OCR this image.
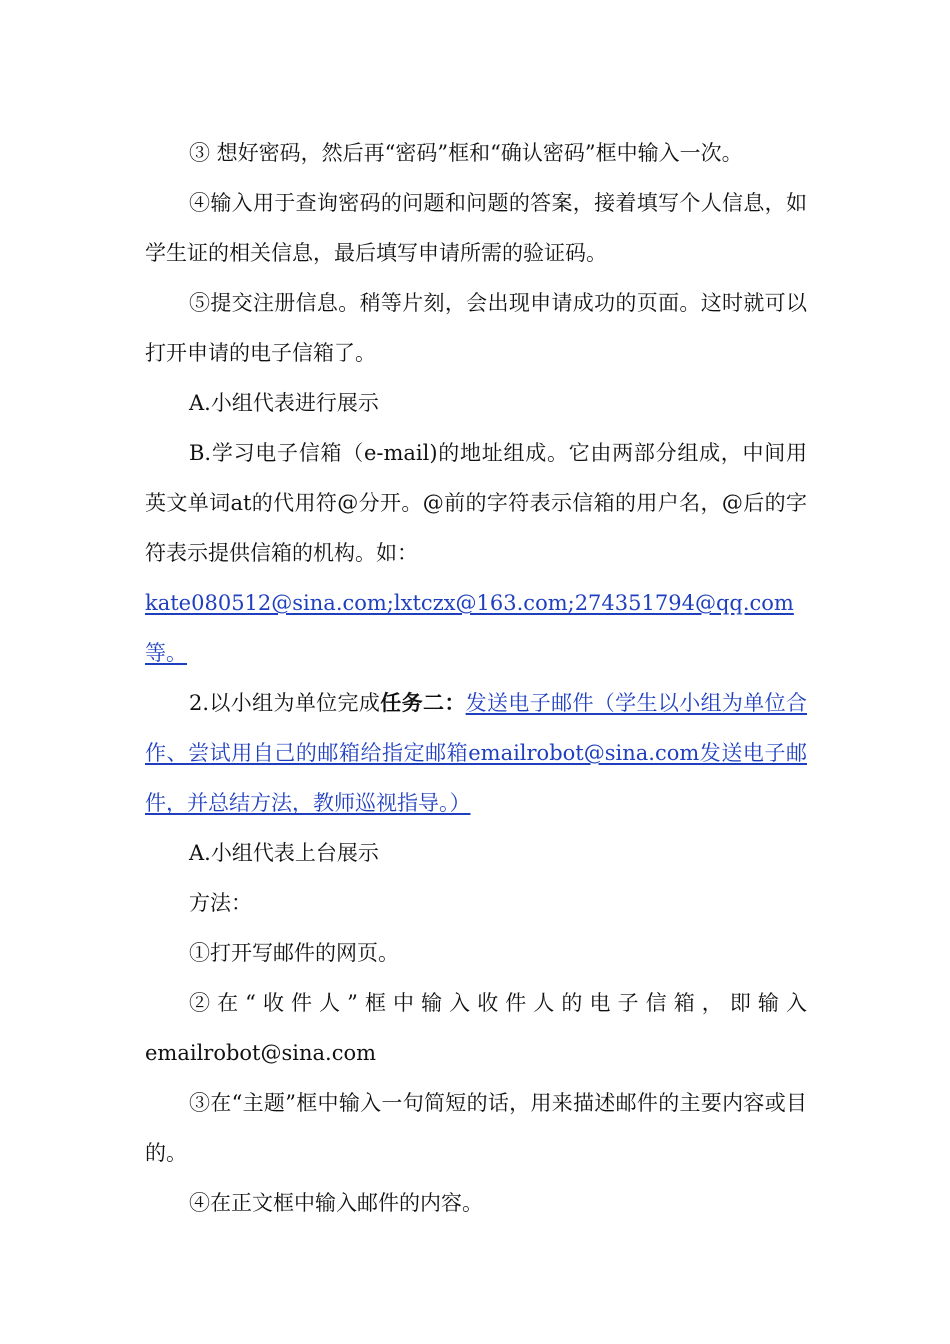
③ 想好密码，然后再“密码”框和“确认密码”框中输入一次。

④输入用于查询密码的问题和问题的答案，接着填写个人信息，如学生证的相关信息，最后填写申请所需的验证码。

⑤提交注册信息。稍等片刻，会出现申请成功的页面。这时就可以打开申请的电子信箱了。

A.小组代表进行展示

B.学习电子信箱（e-mail)的地址组成。它由两部分组成，中间用英文单词at的代用符@分开。@前的字符表示信箱的用户名，@后的字符表示提供信箱的机构。如：

kate080512@sina.com;lxtczx@163.com;274351794@qq.com等。

2.以小组为单位完成任务二：发送电子邮件（学生以小组为单位合作、尝试用自己的邮箱给指定邮箱emailrobot@sina.com发送电子邮件，并总结方法，教师巡视指导。）

A.小组代表上台展示

方法：

①打开写邮件的网页。

②在“收件人”框中输入收件人的电子信箱，即输入

emailrobot@sina.com

③在“主题”框中输入一句简短的话，用来描述邮件的主要内容或目的。

④在正文框中输入邮件的内容。
